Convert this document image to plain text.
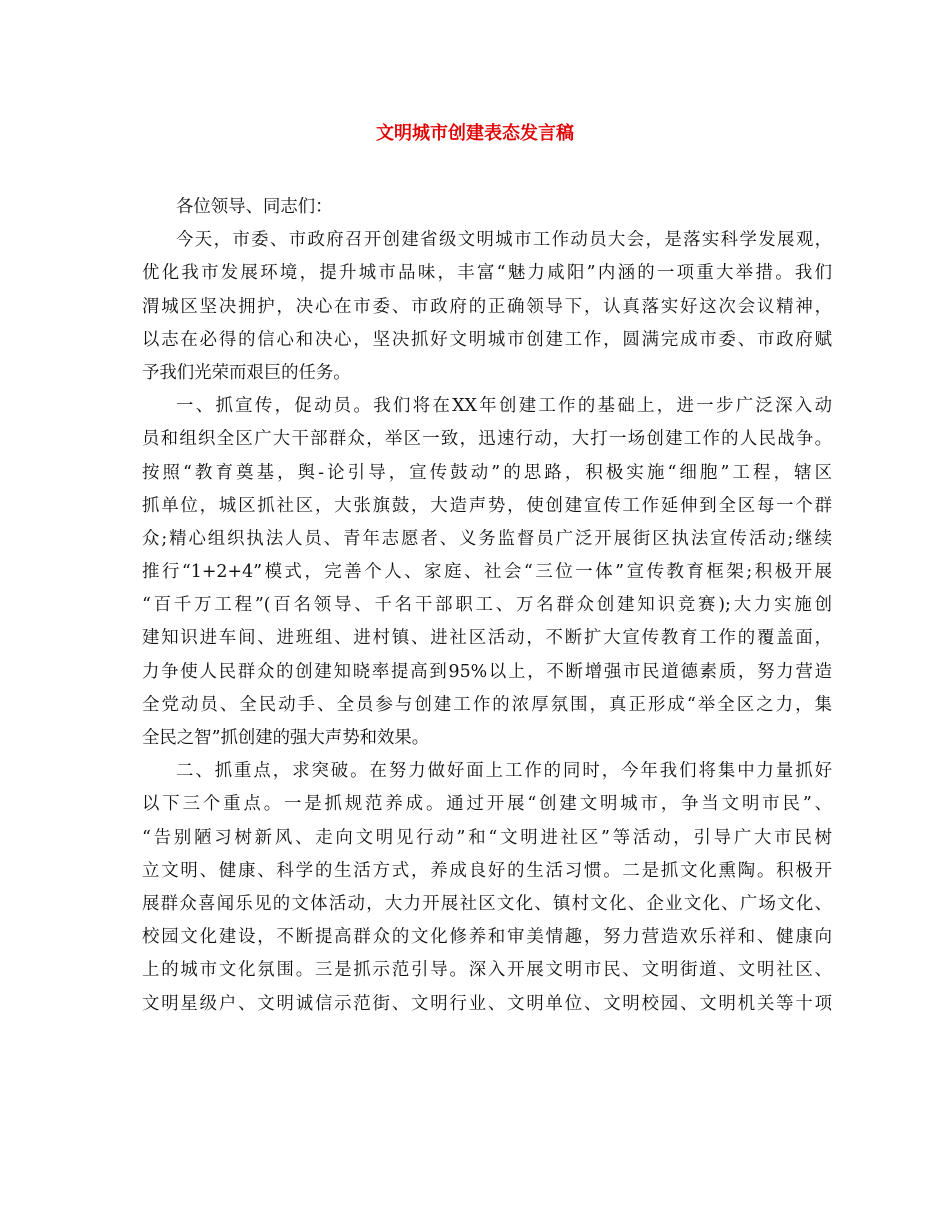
文明城市创建表态发言稿
各位领导、同志们：
今天，市委、市政府召开创建省级文明城市工作动员大会，是落实科学发展观，
优化我市发展环境，提升城市品味，丰富“魅力咸阳”内涵的一项重大举措。我们
渭城区坚决拥护，决心在市委、市政府的正确领导下，认真落实好这次会议精神，
以志在必得的信心和决心，坚决抓好文明城市创建工作，圆满完成市委、市政府赋
予我们光荣而艰巨的任务。
一、抓宣传，促动员。我们将在XX年创建工作的基础上，进一步广泛深入动
员和组织全区广大干部群众，举区一致，迅速行动，大打一场创建工作的人民战争。
按照“教育奠基，舆-论引导，宣传鼓动”的思路，积极实施“细胞”工程，辖区
抓单位，城区抓社区，大张旗鼓，大造声势，使创建宣传工作延伸到全区每一个群
众;精心组织执法人员、青年志愿者、义务监督员广泛开展街区执法宣传活动;继续
推行“1+2+4”模式，完善个人、家庭、社会“三位一体”宣传教育框架;积极开展
“百千万工程”(百名领导、千名干部职工、万名群众创建知识竞赛);大力实施创
建知识进车间、进班组、进村镇、进社区活动，不断扩大宣传教育工作的覆盖面，
力争使人民群众的创建知晓率提高到95%以上，不断增强市民道德素质，努力营造
全党动员、全民动手、全员参与创建工作的浓厚氛围，真正形成“举全区之力，集
全民之智”抓创建的强大声势和效果。
二、抓重点，求突破。在努力做好面上工作的同时，今年我们将集中力量抓好
以下三个重点。一是抓规范养成。通过开展“创建文明城市，争当文明市民”、
“告别陋习树新风、走向文明见行动”和“文明进社区”等活动，引导广大市民树
立文明、健康、科学的生活方式，养成良好的生活习惯。二是抓文化熏陶。积极开
展群众喜闻乐见的文体活动，大力开展社区文化、镇村文化、企业文化、广场文化、
校园文化建设，不断提高群众的文化修养和审美情趣，努力营造欢乐祥和、健康向
上的城市文化氛围。三是抓示范引导。深入开展文明市民、文明街道、文明社区、
文明星级户、文明诚信示范街、文明行业、文明单位、文明校园、文明机关等十项
